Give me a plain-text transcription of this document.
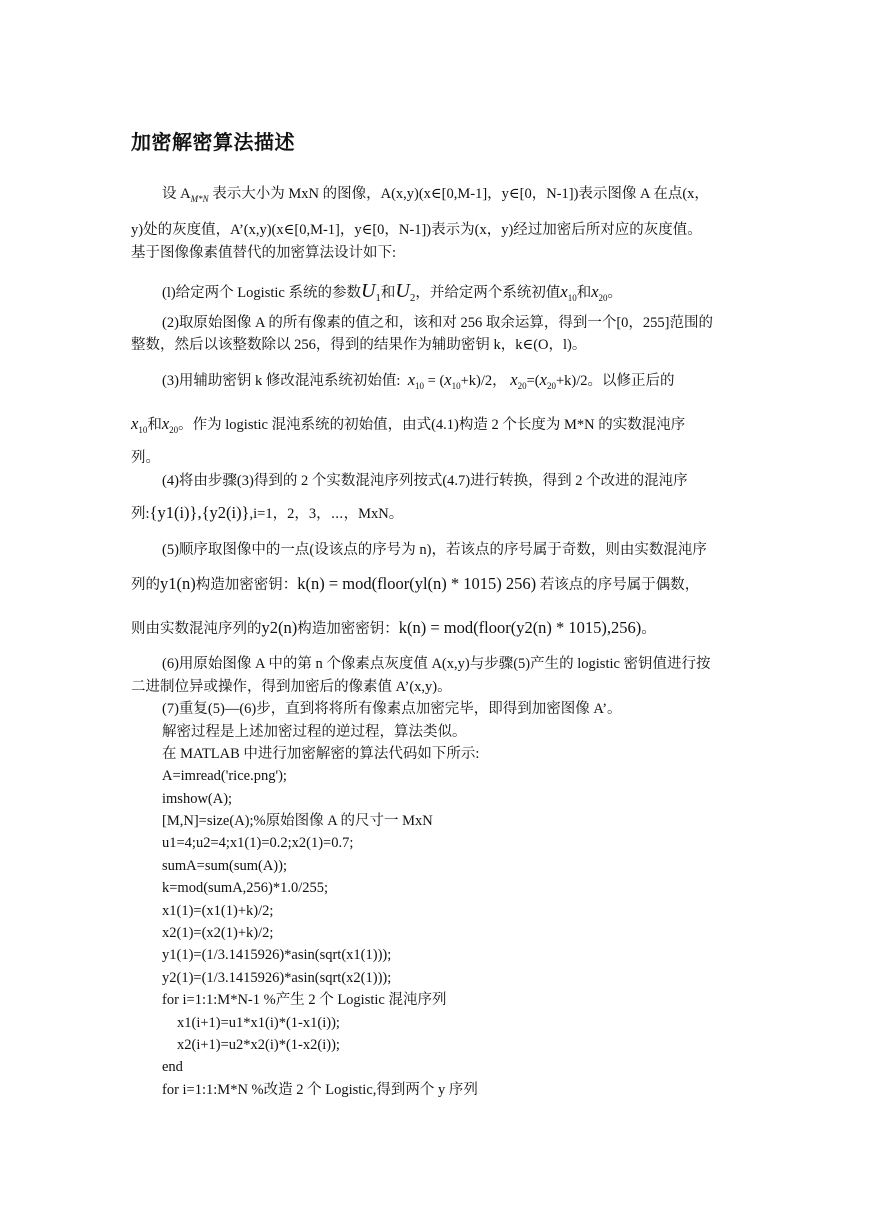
加密解密算法描述

设 $A_{M*N}$ 表示大小为 MxN 的图像，A(x,y)(x∈[0,M-1]，y∈[0，N-1])表示图像 A 在点(x，

y)处的灰度值，A’(x,y)(x∈[0,M-1]，y∈[0，N-1])表示为(x，y)经过加密后所对应的灰度值。

基于图像像素值替代的加密算法设计如下:

(l)给定两个 Logistic 系统的参数$U_1$和$U_2$，并给定两个系统初值$x_{10}$和$x_{20}$。

(2)取原始图像 A 的所有像素的值之和，该和对 256 取余运算，得到一个[0，255]范围的

整数，然后以该整数除以 256，得到的结果作为辅助密钥 k，k∈(O，l)。

(3)用辅助密钥 k 修改混沌系统初始值: $x_{10} = (x_{10}+k)/2$， $x_{20}=(x_{20}+k)/2$。以修正后的

$x_{10}$和$x_{20}$。作为 logistic 混沌系统的初始值，由式(4.1)构造 2 个长度为 M*N 的实数混沌序

列。

(4)将由步骤(3)得到的 2 个实数混沌序列按式(4.7)进行转换，得到 2 个改进的混沌序

列:{y1(i)},{y2(i)},i=1，2，3，⋯，MxN。

(5)顺序取图像中的一点(设该点的序号为 n)，若该点的序号属于奇数，则由实数混沌序

列的y1(n)构造加密密钥：k(n) = mod(floor(yl(n) * 1015) 256) 若该点的序号属于偶数，

则由实数混沌序列的y2(n)构造加密密钥：k(n) = mod(floor(y2(n) * 1015),256)。

(6)用原始图像 A 中的第 n 个像素点灰度值 A(x,y)与步骤(5)产生的 logistic 密钥值进行按

二进制位异或操作，得到加密后的像素值 A’(x,y)。

(7)重复(5)—(6)步，直到将将所有像素点加密完毕，即得到加密图像 A’。

解密过程是上述加密过程的逆过程，算法类似。

在 MATLAB 中进行加密解密的算法代码如下所示:

A=imread('rice.png');

imshow(A);

[M,N]=size(A);%原始图像 A 的尺寸一 MxN

u1=4;u2=4;x1(1)=0.2;x2(1)=0.7;

sumA=sum(sum(A));

k=mod(sumA,256)*1.0/255;

x1(1)=(x1(1)+k)/2;

x2(1)=(x2(1)+k)/2;

y1(1)=(1/3.1415926)*asin(sqrt(x1(1)));

y2(1)=(1/3.1415926)*asin(sqrt(x2(1)));

for i=1:1:M*N-1 %产生 2 个 Logistic 混沌序列

x1(i+1)=u1*x1(i)*(1-x1(i));

x2(i+1)=u2*x2(i)*(1-x2(i));

end

for i=1:1:M*N %改造 2 个 Logistic,得到两个 y 序列
